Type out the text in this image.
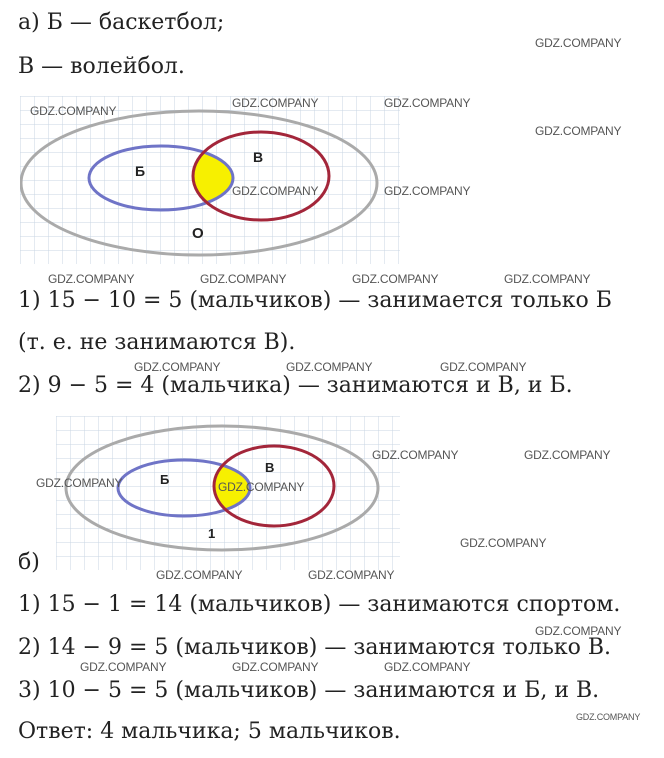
а) Б — баскетбол;
В — волейбол.
Б
В
О
1) 15 − 10 = 5 (мальчиков) — занимается только Б
(т. е. не занимаются В).
2) 9 − 5 = 4 (мальчика) — занимаются и В, и Б.
Б
В
1
б)
1) 15 − 1 = 14 (мальчиков) — занимаются спортом.
2) 14 − 9 = 5 (мальчиков) — занимаются только В.
3) 10 − 5 = 5 (мальчиков) — занимаются и Б, и В.
Ответ: 4 мальчика; 5 мальчиков.
GDZ.COMPANY
GDZ.COMPANY
GDZ.COMPANY	GDZ.COMPANY
GDZ.COMPANY
GDZ.COMPANY	GDZ.COMPANY
GDZ.COMPANY	GDZ.COMPANY	GDZ.COMPANY	GDZ.COMPANY
GDZ.COMPANY	GDZ.COMPANY	GDZ.COMPANY
GDZ.COMPANY	GDZ.COMPANY
GDZ.COMPANY	GDZ.COMPANY
GDZ.COMPANY
GDZ.COMPANY	GDZ.COMPANY
GDZ.COMPANY
GDZ.COMPANY	GDZ.COMPANY	GDZ.COMPANY
GDZ.COMPANY
